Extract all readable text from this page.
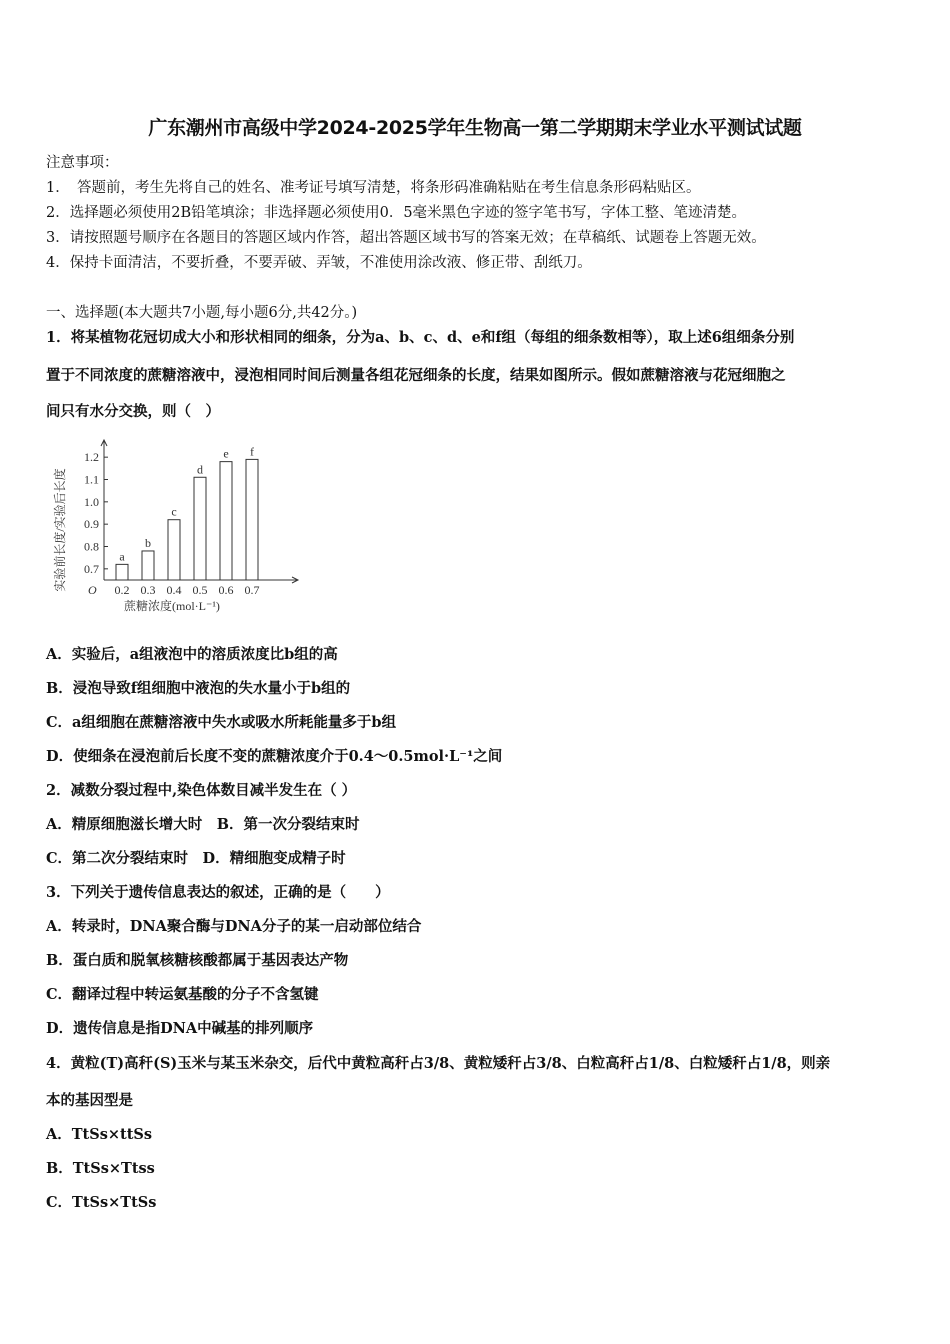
广东潮州市高级中学2024-2025学年生物高一第二学期期末学业水平测试试题
注意事项：
1．　答题前，考生先将自己的姓名、准考证号填写清楚，将条形码准确粘贴在考生信息条形码粘贴区。
2．选择题必须使用2B铅笔填涂；非选择题必须使用0．5毫米黑色字迹的签字笔书写，字体工整、笔迹清楚。
3．请按照题号顺序在各题目的答题区域内作答，超出答题区域书写的答案无效；在草稿纸、试题卷上答题无效。
4．保持卡面清洁，不要折叠，不要弄破、弄皱，不准使用涂改液、修正带、刮纸刀。
一、选择题(本大题共7小题,每小题6分,共42分。)
1．将某植物花冠切成大小和形状相同的细条，分为a、b、c、d、e和f组（每组的细条数相等），取上述6组细条分别
置于不同浓度的蔗糖溶液中，浸泡相同时间后测量各组花冠细条的长度，结果如图所示。假如蔗糖溶液与花冠细胞之
间只有水分交换，则（　）
0.7
0.8
0.9
1.0
1.1
1.2
a
0.2
b
0.3
c
0.4
d
0.5
e
0.6
f
0.7
蔗糖浓度(mol·L⁻¹)
实验前长度/实验后长度 O
A．实验后，a组液泡中的溶质浓度比b组的高
B．浸泡导致f组细胞中液泡的失水量小于b组的
C．a组细胞在蔗糖溶液中失水或吸水所耗能量多于b组
D．使细条在浸泡前后长度不变的蔗糖浓度介于0.4～0.5mol·L⁻¹之间
2．减数分裂过程中,染色体数目减半发生在（ ）
A．精原细胞滋长增大时　B．第一次分裂结束时
C．第二次分裂结束时　D．精细胞变成精子时
3．下列关于遗传信息表达的叙述，正确的是（　　）
A．转录时，DNA聚合酶与DNA分子的某一启动部位结合
B．蛋白质和脱氧核糖核酸都属于基因表达产物
C．翻译过程中转运氨基酸的分子不含氢键
D．遗传信息是指DNA中碱基的排列顺序
4．黄粒(T)高秆(S)玉米与某玉米杂交，后代中黄粒高秆占3/8、黄粒矮秆占3/8、白粒高秆占1/8、白粒矮秆占1/8，则亲
本的基因型是
A．TtSs×ttSs
B．TtSs×Ttss
C．TtSs×TtSs
